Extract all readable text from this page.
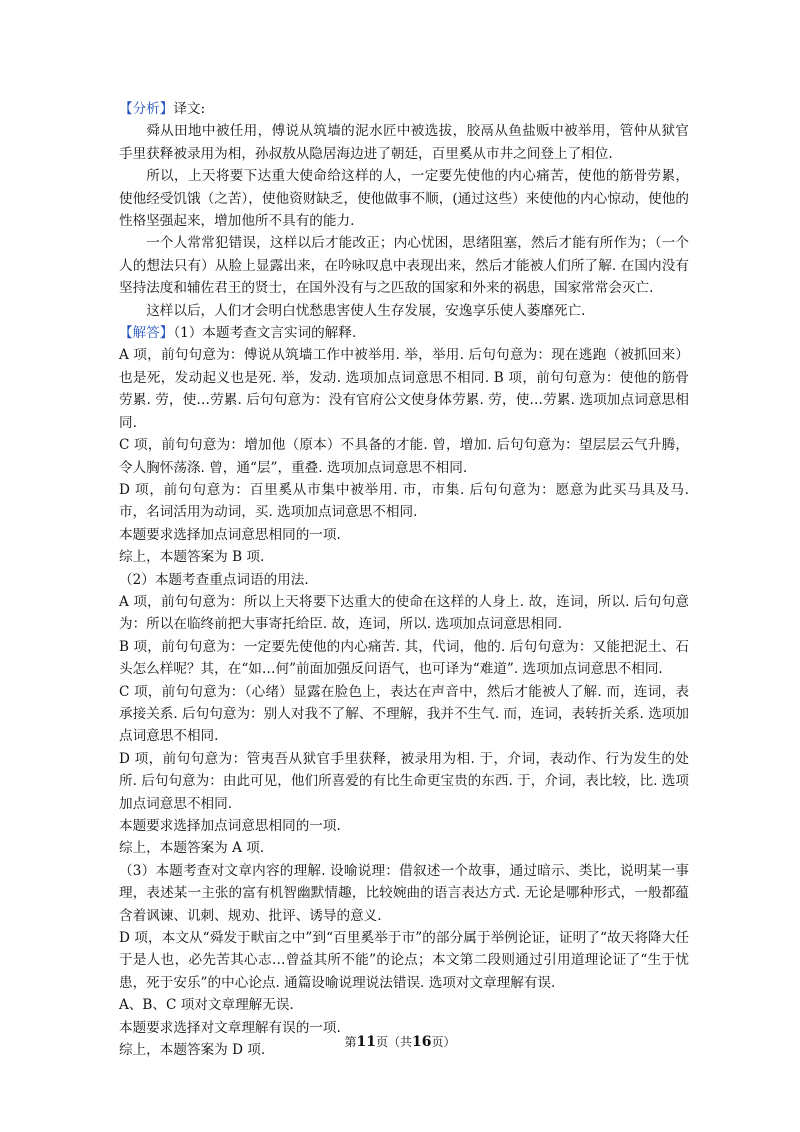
【分析】译文:

舜从田地中被任用，傅说从筑墙的泥水匠中被选拔，胶鬲从鱼盐贩中被举用，管仲从狱官手里获释被录用为相，孙叔敖从隐居海边进了朝廷，百里奚从市井之间登上了相位.

所以，上天将要下达重大使命给这样的人，一定要先使他的内心痛苦，使他的筋骨劳累，使他经受饥饿（之苦），使他资财缺乏，使他做事不顺，(通过这些）来使他的内心惊动，使他的性格坚强起来，增加他所不具有的能力.

一个人常常犯错误，这样以后才能改正；内心忧困，思绪阻塞，然后才能有所作为；（一个人的想法只有）从脸上显露出来，在吟咏叹息中表现出来，然后才能被人们所了解. 在国内没有坚持法度和辅佐君王的贤士，在国外没有与之匹敌的国家和外来的祸患，国家常常会灭亡.

这样以后，人们才会明白忧愁患害使人生存发展，安逸享乐使人萎靡死亡.

【解答】（1）本题考查文言实词的解释.

A 项，前句句意为：傅说从筑墙工作中被举用. 举，举用. 后句句意为：现在逃跑（被抓回来）也是死，发动起义也是死. 举，发动. 选项加点词意思不相同. B 项，前句句意为：使他的筋骨劳累. 劳，使…劳累. 后句句意为：没有官府公文使身体劳累. 劳，使…劳累. 选项加点词意思相同.

C 项，前句句意为：增加他（原本）不具备的才能. 曾，增加. 后句句意为：望层层云气升腾，令人胸怀荡涤. 曾，通“层”，重叠. 选项加点词意思不相同.

D 项，前句句意为：百里奚从市集中被举用. 市，市集. 后句句意为：愿意为此买马具及马. 市，名词活用为动词，买. 选项加点词意思不相同.

本题要求选择加点词意思相同的一项.

综上，本题答案为 B 项.

（2）本题考查重点词语的用法.

A 项，前句句意为：所以上天将要下达重大的使命在这样的人身上. 故，连词，所以. 后句句意为：所以在临终前把大事寄托给臣. 故，连词，所以. 选项加点词意思相同.

B 项，前句句意为：一定要先使他的内心痛苦. 其，代词，他的. 后句句意为：又能把泥土、石头怎么样呢？其，在“如…何”前面加强反问语气，也可译为“难道”. 选项加点词意思不相同.

C 项，前句句意为：（心绪）显露在脸色上，表达在声音中，然后才能被人了解. 而，连词，表承接关系. 后句句意为：别人对我不了解、不理解，我并不生气. 而，连词，表转折关系. 选项加点词意思不相同.

D 项，前句句意为：管夷吾从狱官手里获释，被录用为相. 于，介词，表动作、行为发生的处所. 后句句意为：由此可见，他们所喜爱的有比生命更宝贵的东西. 于，介词，表比较，比. 选项加点词意思不相同.

本题要求选择加点词意思相同的一项.

综上，本题答案为 A 项.

（3）本题考查对文章内容的理解. 设喻说理：借叙述一个故事，通过暗示、类比，说明某一事理，表述某一主张的富有机智幽默情趣，比较婉曲的语言表达方式. 无论是哪种形式，一般都蕴含着讽谏、讥刺、规劝、批评、诱导的意义.

D 项，本文从“舜发于畎亩之中”到“百里奚举于市”的部分属于举例论证，证明了“故天将降大任于是人也，必先苦其心志…曾益其所不能”的论点；本文第二段则通过引用道理论证了“生于忧患，死于安乐”的中心论点. 通篇设喻说理说法错误. 选项对文章理解有误.

A、B、C 项对文章理解无误.

本题要求选择对文章理解有误的一项.

综上，本题答案为 D 项.

第11页（共16页）
